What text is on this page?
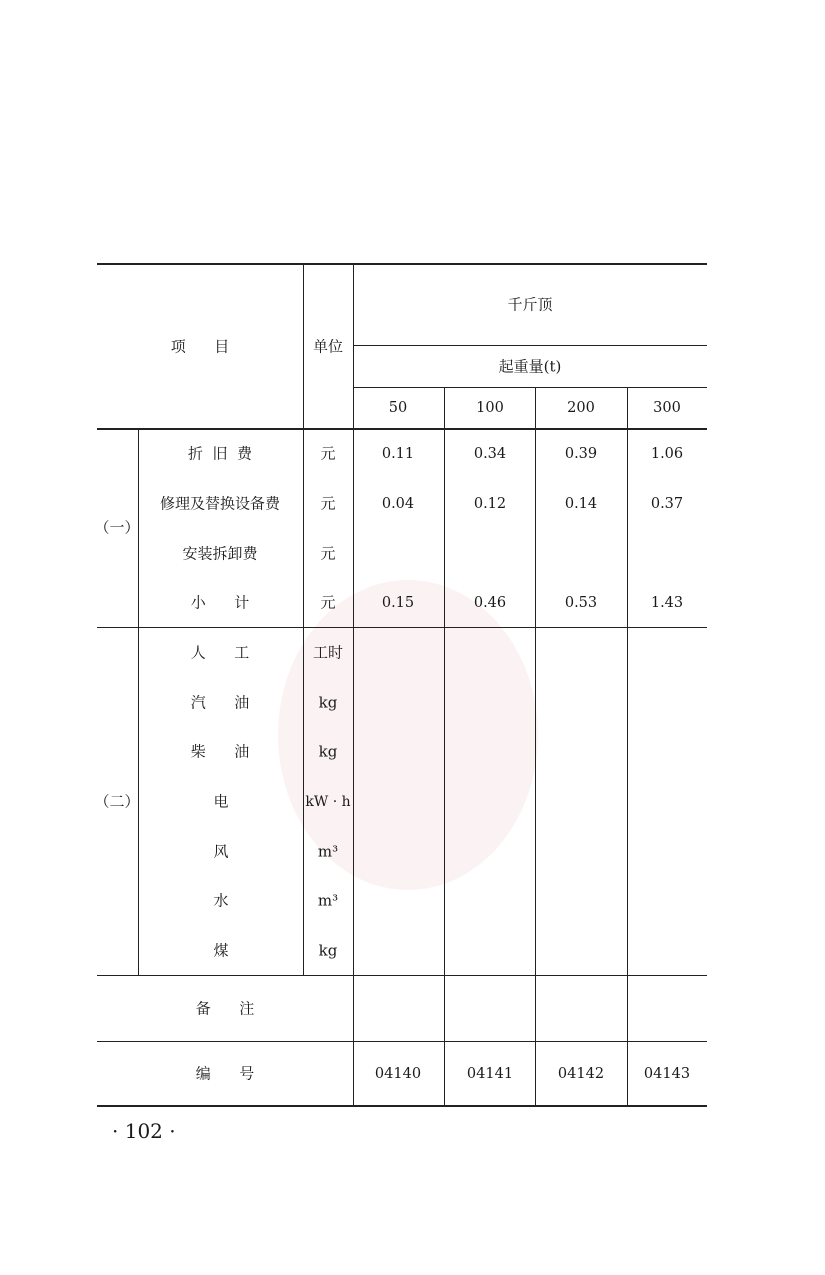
项      目	单位
千斤顶
起重量(t)
50	100	200	300
（一）
折  旧  费	元	0.11	0.34	0.39	1.06
修理及替换设备费	元	0.04	0.12	0.14	0.37
安装拆卸费	元
小      计	元	0.15	0.46	0.53	1.43
（二）
人      工	工时
汽      油	kg
柴      油	kg
电	kW · h
风	m³
水	m³
煤	kg
备      注
编      号	04140	04141	04142	04143
· 102 ·
